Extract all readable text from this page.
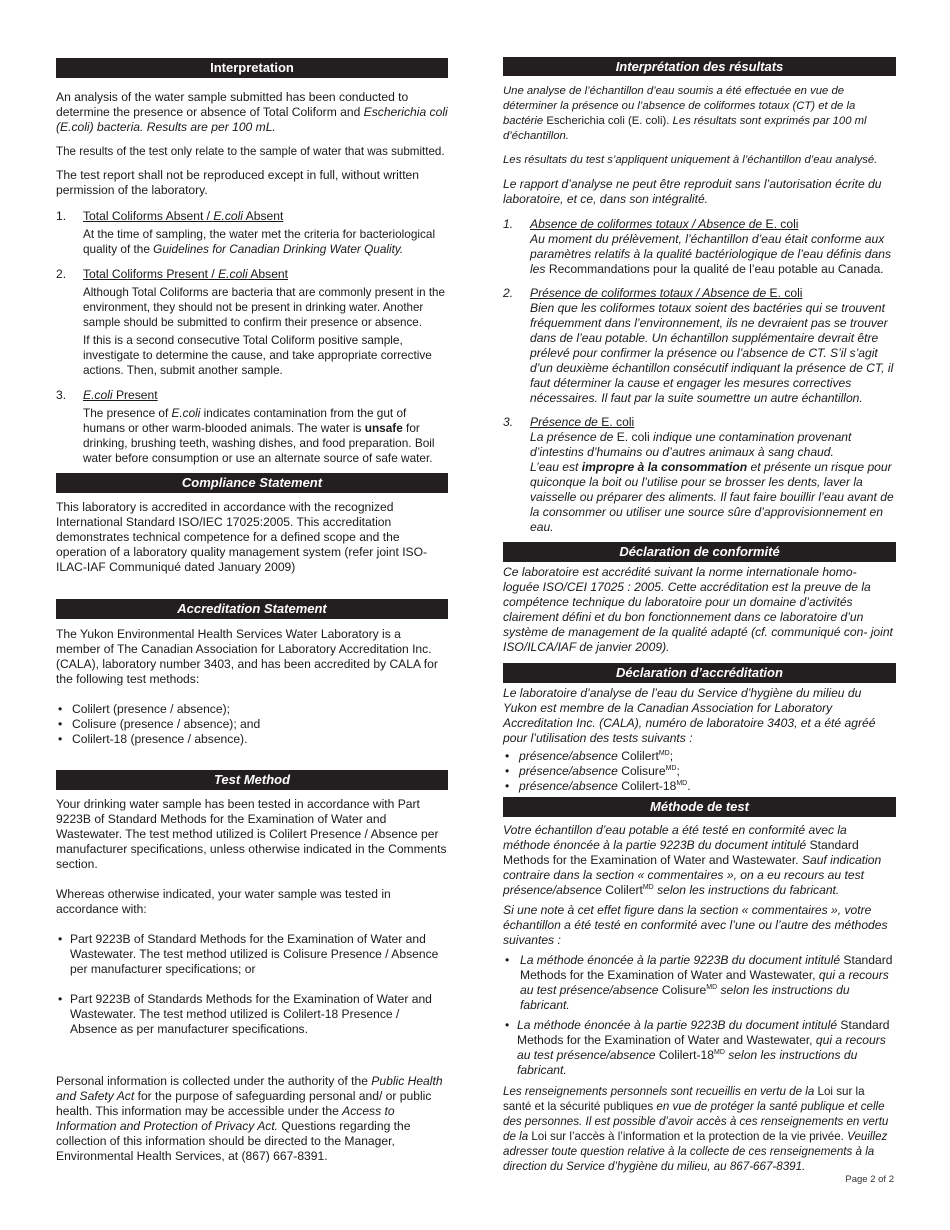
Interpretation

An analysis of the water sample submitted has been conducted to determine the presence or absence of Total Coliform and Escherichia coli (E.coli) bacteria. Results are per 100 mL.

The results of the test only relate to the sample of water that was submitted.

The test report shall not be reproduced except in full, without written permission of the laboratory.

1. Total Coliforms Absent / E.coli Absent

At the time of sampling, the water met the criteria for bacteriological quality of the Guidelines for Canadian Drinking Water Quality.

2. Total Coliforms Present / E.coli Absent

Although Total Coliforms are bacteria that are commonly present in the environment, they should not be present in drinking water. Another sample should be submitted to confirm their presence or absence.

If this is a second consecutive Total Coliform positive sample, investigate to determine the cause, and take appropriate corrective actions. Then, submit another sample.

3. E.coli Present

The presence of E.coli indicates contamination from the gut of humans or other warm-blooded animals. The water is unsafe for drinking, brushing teeth, washing dishes, and food preparation. Boil water before consumption or use an alternate source of safe water.

Compliance Statement

This laboratory is accredited in accordance with the recognized International Standard ISO/IEC 17025:2005. This accreditation demonstrates technical competence for a defined scope and the operation of a laboratory quality management system (refer joint ISO-ILAC-IAF Communiqué dated January 2009)

Accreditation Statement

The Yukon Environmental Health Services Water Laboratory is a member of The Canadian Association for Laboratory Accreditation Inc. (CALA), laboratory number 3403, and has been accredited by CALA for the following test methods:

• Colilert (presence / absence);
• Colisure (presence / absence); and
• Colilert-18 (presence / absence).
Test Method

Your drinking water sample has been tested in accordance with Part 9223B of Standard Methods for the Examination of Water and Wastewater. The test method utilized is Colilert Presence / Absence per manufacturer specifications, unless otherwise indicated in the Comments section.

Whereas otherwise indicated, your water sample was tested in accordance with:

• Part 9223B of Standard Methods for the Examination of Water and Wastewater. The test method utilized is Colisure Presence / Absence per manufacturer specifications; or
• Part 9223B of Standards Methods for the Examination of Water and Wastewater. The test method utilized is Colilert-18 Presence / Absence as per manufacturer specifications.

Personal information is collected under the authority of the Public Health and Safety Act for the purpose of safeguarding personal and/ or public health. This information may be accessible under the Access to Information and Protection of Privacy Act. Questions regarding the collection of this information should be directed to the Manager, Environmental Health Services, at (867) 667-8391.

Interprétation des résultats

Une analyse de l’échantillon d’eau soumis a été effectuée en vue de déterminer la présence ou l’absence de coliformes totaux (CT) et de la bactérie Escherichia coli (E. coli). Les résultats sont exprimés par 100 ml d’échantillon.

Les résultats du test s’appliquent uniquement à l’échantillon d’eau analysé.

Le rapport d’analyse ne peut être reproduit sans l’autorisation écrite du laboratoire, et ce, dans son intégralité.

1. Absence de coliformes totaux / Absence de E. coli

Au moment du prélèvement, l’échantillon d’eau était conforme aux paramètres relatifs à la qualité bactériologique de l’eau définis dans les Recommandations pour la qualité de l’eau potable au Canada.

2. Présence de coliformes totaux / Absence de E. coli

Bien que les coliformes totaux soient des bactéries qui se trouvent fréquemment dans l’environnement, ils ne devraient pas se trouver dans de l’eau potable. Un échantillon supplémentaire devrait être prélevé pour confirmer la présence ou l’absence de CT. S’il s’agit d’un deuxième échantillon consécutif indiquant la présence de CT, il faut déterminer la cause et engager les mesures correctives nécessaires. Il faut par la suite soumettre un autre échantillon.

3. Présence de E. coli

La présence de E. coli indique une contamination provenant d’intestins d’humains ou d’autres animaux à sang chaud.

L’eau est impropre à la consommation et présente un risque pour quiconque la boit ou l’utilise pour se brosser les dents, laver la vaisselle ou préparer des aliments. Il faut faire bouillir l’eau avant de la consommer ou utiliser une source sûre d’approvisionnement en eau.

Déclaration de conformité

Ce laboratoire est accrédité suivant la norme internationale homo- loguée ISO/CEI 17025 : 2005. Cette accréditation est la preuve de la compétence technique du laboratoire pour un domaine d’activités clairement défini et du bon fonctionnement dans ce laboratoire d’un système de management de la qualité adapté (cf. communiqué con- joint ISO/ILCA/IAF de janvier 2009).

Déclaration d’accréditation

Le laboratoire d’analyse de l’eau du Service d’hygiène du milieu du Yukon est membre de la Canadian Association for Laboratory Accreditation Inc. (CALA), numéro de laboratoire 3403, et a été agréé pour l’utilisation des tests suivants :

• présence/absence Colilert$^{MD}$;
• présence/absence Colisure$^{MD}$;
• présence/absence Colilert-$18^{MD}$.
Méthode de test

Votre échantillon d’eau potable a été testé en conformité avec la méthode énoncée à la partie 9223B du document intitulé Standard Methods for the Examination of Water and Wastewater. Sauf indication contraire dans la section « commentaires », on a eu recours au test présence/absence Colilert$^{MD}$ selon les instructions du fabricant.

Si une note à cet effet figure dans la section « commentaires », votre échantillon a été testé en conformité avec l’une ou l’autre des méthodes suivantes :

• La méthode énoncée à la partie 9223B du document intitulé Standard Methods for the Examination of Water and Wastewater, qui a recours au test présence/absence Colisure$^{MD}$ selon les instructions du fabricant.
• La méthode énoncée à la partie 9223B du document intitulé Standard Methods for the Examination of Water and Wastewater, qui a recours au test présence/absence Colilert-$18^{MD}$ selon les instructions du fabricant.

Les renseignements personnels sont recueillis en vertu de la Loi sur la santé et la sécurité publiques en vue de protéger la santé publique et celle des personnes. Il est possible d’avoir accès à ces renseignements en vertu de la Loi sur l’accès à l’information et la protection de la vie privée. Veuillez adresser toute question relative à la collecte de ces renseignements à la direction du Service d’hygiène du milieu, au 867-667-8391.

Page 2 of 2
